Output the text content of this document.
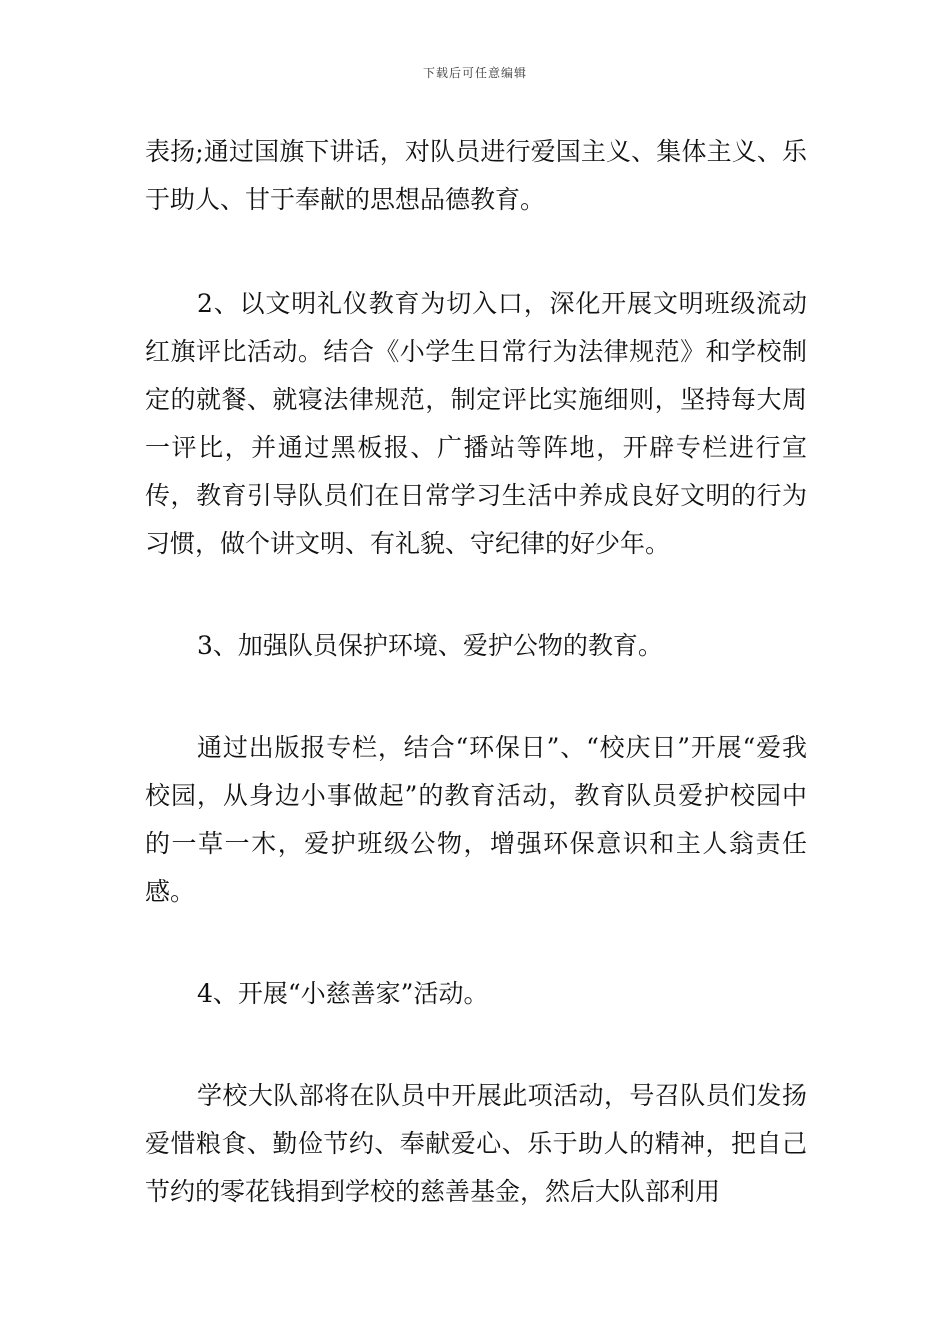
下载后可任意编辑

表扬;通过国旗下讲话，对队员进行爱国主义、集体主义、乐于助人、甘于奉献的思想品德教育。

2、以文明礼仪教育为切入口，深化开展文明班级流动红旗评比活动。结合《小学生日常行为法律规范》和学校制定的就餐、就寝法律规范，制定评比实施细则，坚持每大周一评比，并通过黑板报、广播站等阵地，开辟专栏进行宣传，教育引导队员们在日常学习生活中养成良好文明的行为习惯，做个讲文明、有礼貌、守纪律的好少年。

3、加强队员保护环境、爱护公物的教育。

通过出版报专栏，结合“环保日”、“校庆日”开展“爱我校园，从身边小事做起”的教育活动，教育队员爱护校园中的一草一木，爱护班级公物，增强环保意识和主人翁责任感。

4、开展“小慈善家”活动。

学校大队部将在队员中开展此项活动，号召队员们发扬爱惜粮食、勤俭节约、奉献爱心、乐于助人的精神，把自己节约的零花钱捐到学校的慈善基金，然后大队部利用
